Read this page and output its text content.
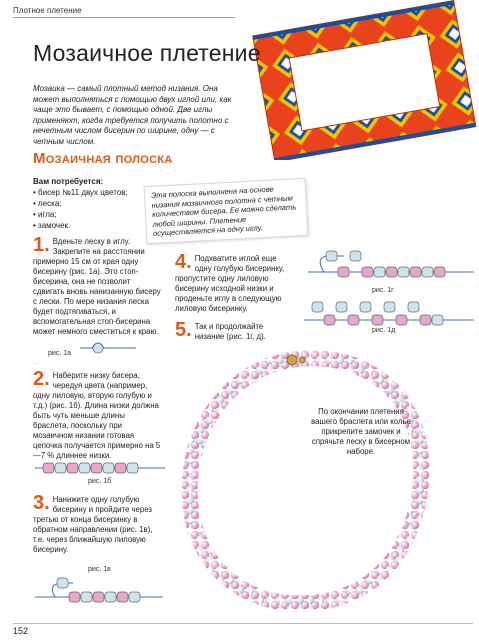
Плотное плетение
Мозаичное плетение
Мозаика — самый плотный метод низания. Она может выполняться с помощью двух иглой или, как чаще это бывает, с помощью одной. Две иглы применяют, когда требуется получить полотно с нечетным числом бисерин по ширине, одну — с четным числом.
Мозаичная полоска
Вам потребуется:
• бисер №11 двух цветов;
• леска;
• игла;
• замочек.
Эта полоска выполнена на основе низания мозаичного полотна с четным количеством бисера. Ее можно сделать любой ширины. Плетение осуществляется на одну иглу.
1. Вденьте леску в иглу. Закрепите на расстоянии примерно 15 см от края одну бисерину (рис. 1а). Это стоп-бисерина, она не позволит сдвигать вновь нанизанную бисеру с лески. По мере низания леска будет подтягиваться, и вспомогательная стоп-бисерина может немного сместиться к краю.
рис. 1а
2. Наберите низку бисера, чередуя цвета (например, одну лиловую, вторую голубую и т.д.) (рис. 1б). Длина низки должна быть чуть меньше длины браслета, поскольку при мозаичном низании готовая цепочка получается примерно на 5—7 % длиннее низки.
рис. 1б
3. Нанижите одну голубую бисерину и пройдите через третью от конца бисеринку в обратном направлении (рис. 1в), т.е. через ближайшую лиловую бисерину.
рис. 1в
4. Подхватите иглой еще одну голубую бисеринку, пропустите одну лиловую бисерину исходной низки и проденьте иглу в следующую лиловую бисеринку.
5. Так и продолжайте низание (рис. 1г, д).
рис. 1г
рис. 1д
По окончании плетения вашего браслета или колье прикрепите замочек и спрячьте леску в бисерном наборе.
152
